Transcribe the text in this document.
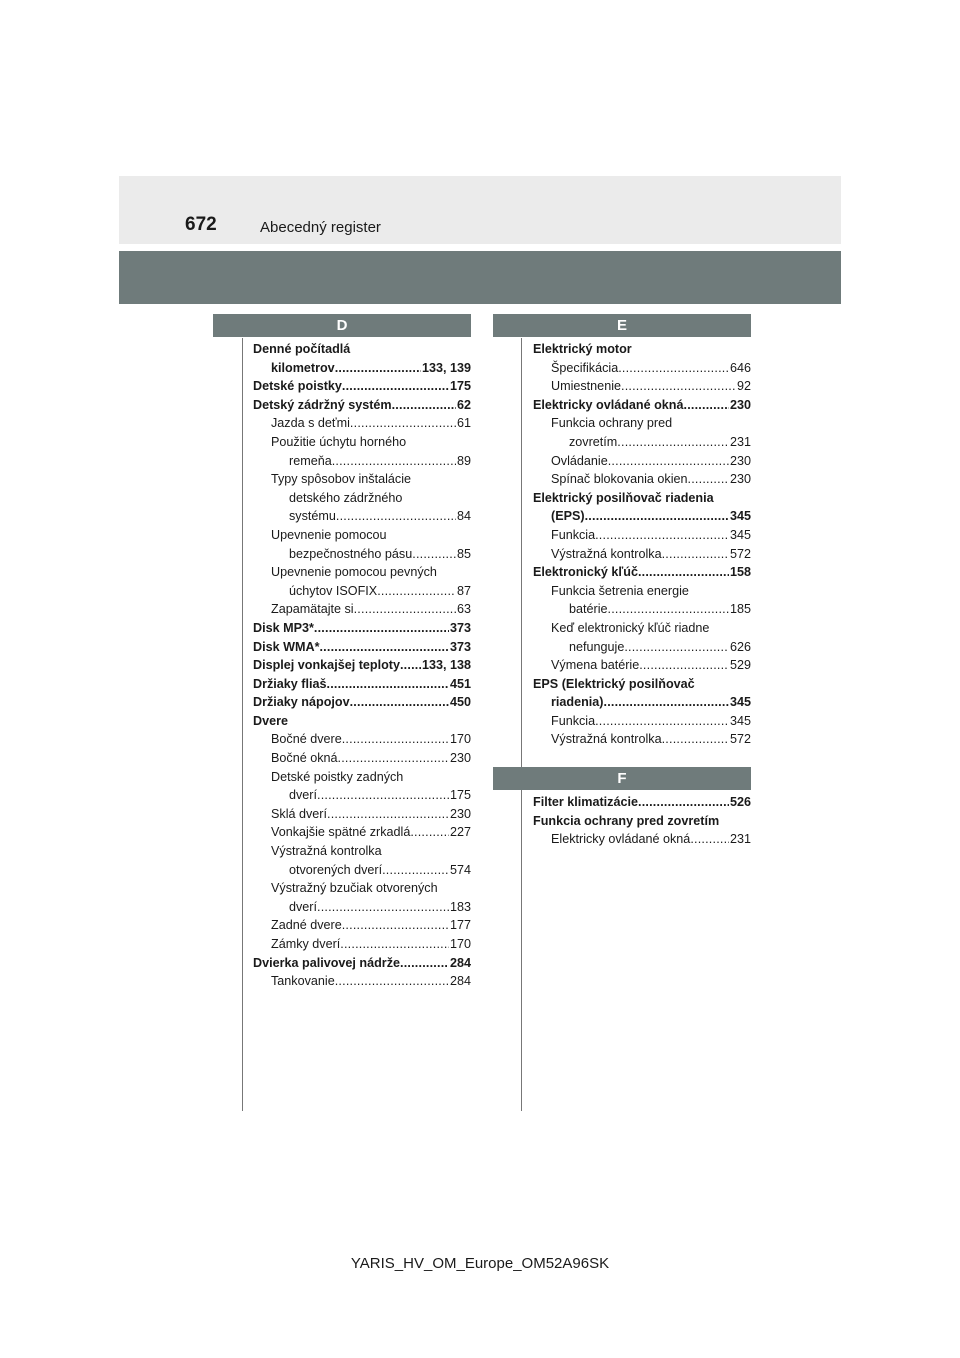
672	Abecedný register
D
Denné počítadlá
kilometrov .....	133, 139
Detské poistky .....	175
Detský zádržný systém .....	62
Jazda s deťmi .....	61
Použitie úchytu horného
remeňa .....	89
Typy spôsobov inštalácie
detského zádržného
systému .....	84
Upevnenie pomocou
bezpečnostného pásu .....	85
Upevnenie pomocou pevných
úchytov ISOFIX .....	87
Zapamätajte si .....	63
Disk MP3* .....	373
Disk WMA* .....	373
Displej vonkajšej teploty ..... 133, 138
Držiaky fliaš .....	451
Držiaky nápojov .....	450
Dvere
Bočné dvere .....	170
Bočné okná .....	230
Detské poistky zadných
dverí .....	175
Sklá dverí .....	230
Vonkajšie spätné zrkadlá .....	227
Výstražná kontrolka
otvorených dverí .....	574
Výstražný bzučiak otvorených
dverí .....	183
Zadné dvere .....	177
Zámky dverí .....	170
Dvierka palivovej nádrže .....	284
Tankovanie .....	284
E
Elektrický motor
Špecifikácia .....	646
Umiestnenie .....	92
Elektricky ovládané okná .....	230
Funkcia ochrany pred
zovretím .....	231
Ovládanie .....	230
Spínač blokovania okien .....	230
Elektrický posilňovač riadenia
(EPS) .....	345
Funkcia .....	345
Výstražná kontrolka .....	572
Elektronický kľúč .....	158
Funkcia šetrenia energie
batérie .....	185
Keď elektronický kľúč riadne
nefunguje .....	626
Výmena batérie .....	529
EPS (Elektrický posilňovač
riadenia) .....	345
Funkcia .....	345
Výstražná kontrolka .....	572
F
Filter klimatizácie .....	526
Funkcia ochrany pred zovretím
Elektricky ovládané okná .....	231
YARIS_HV_OM_Europe_OM52A96SK
